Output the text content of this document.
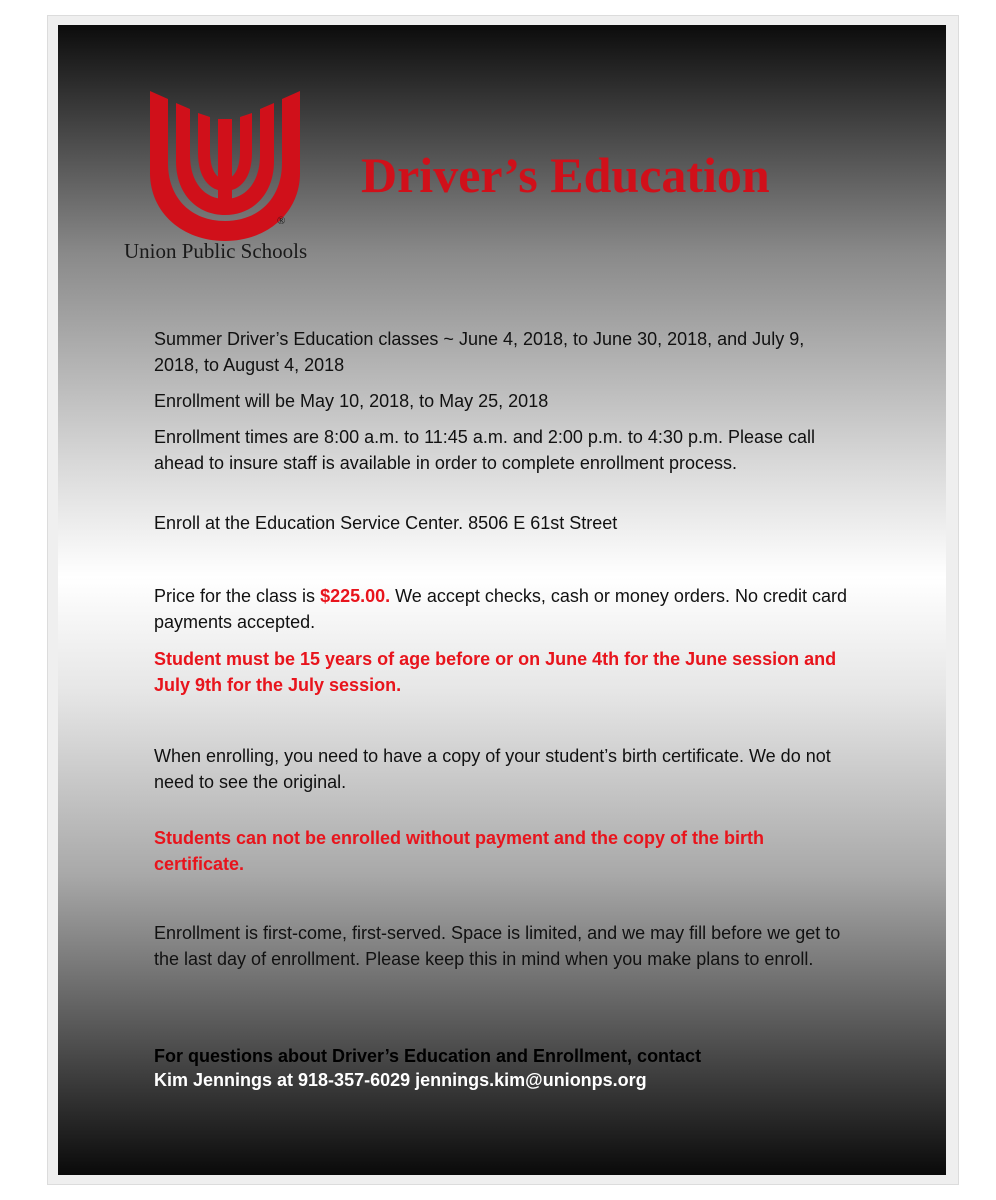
®
Union Public Schools
Driver’s Education
Summer Driver’s Education classes ~ June 4, 2018, to June 30, 2018, and July 9, 2018, to August 4, 2018
Enrollment will be May 10, 2018, to May 25, 2018
Enrollment times are 8:00 a.m. to 11:45 a.m. and 2:00 p.m. to 4:30 p.m. Please call ahead to insure staff is available in order to complete enrollment process.
Enroll at the Education Service Center. 8506 E 61st Street
Price for the class is $225.00. We accept checks, cash or money orders. No credit card payments accepted.
Student must be 15 years of age before or on June 4th for the June session and July 9th for the July session.
When enrolling, you need to have a copy of your student’s birth certificate. We do not need to see the original.
Students can not be enrolled without payment and the copy of the birth certificate.
Enrollment is first-come, first-served. Space is limited, and we may fill before we get to the last day of enrollment. Please keep this in mind when you make plans to enroll.
For questions about Driver’s Education and Enrollment, contact
Kim Jennings at 918-357-6029 jennings.kim@unionps.org
